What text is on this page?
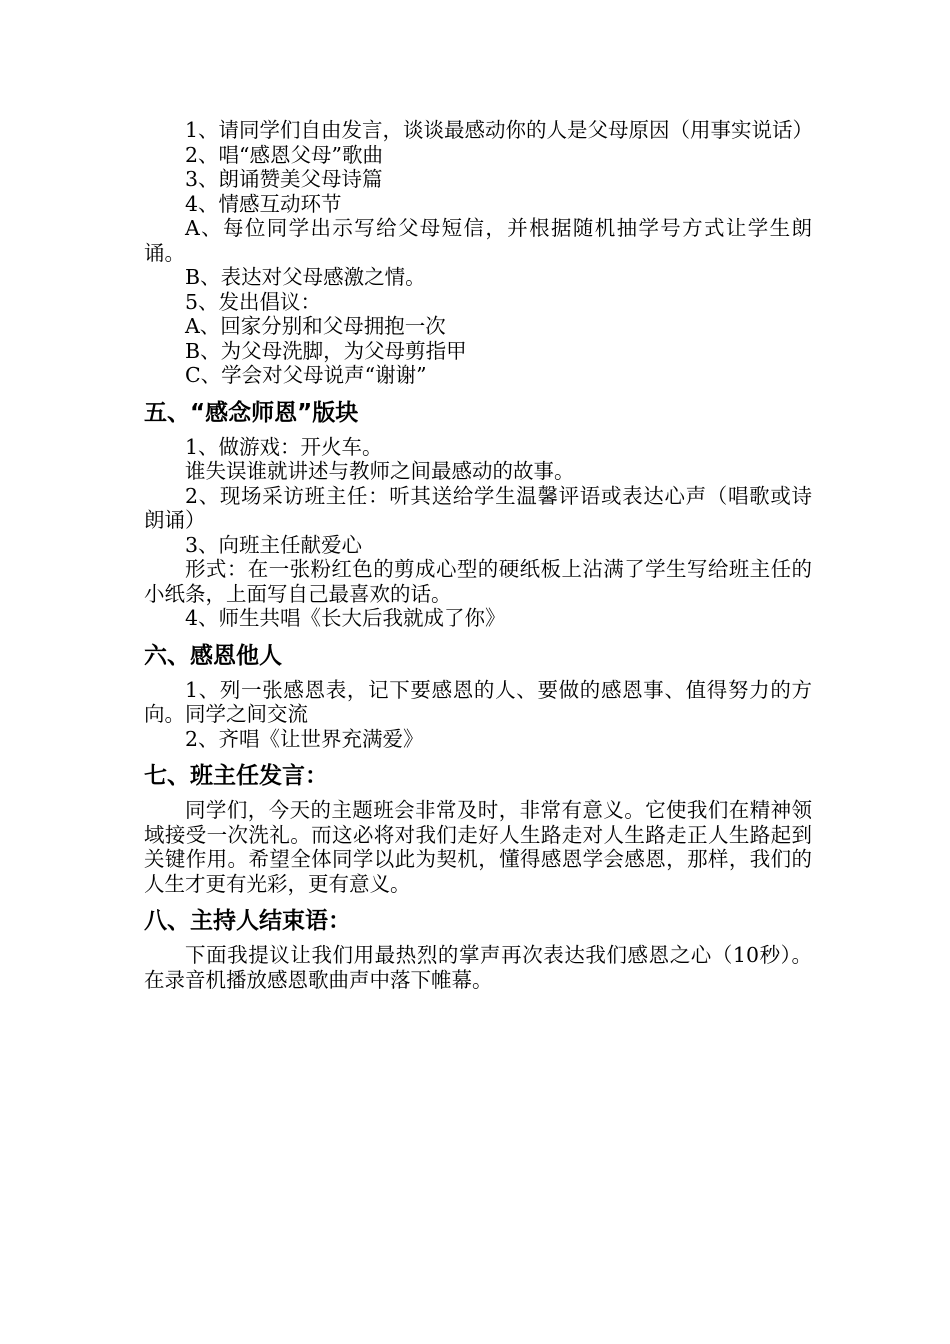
1、请同学们自由发言，谈谈最感动你的人是父母原因（用事实说话）

2、唱“感恩父母”歌曲

3、朗诵赞美父母诗篇

4、情感互动环节

A、每位同学出示写给父母短信，并根据随机抽学号方式让学生朗诵。

B、表达对父母感激之情。

5、发出倡议：

A、回家分别和父母拥抱一次

B、为父母洗脚，为父母剪指甲

C、学会对父母说声“谢谢”

五、“感念师恩”版块

1、做游戏：开火车。

谁失误谁就讲述与教师之间最感动的故事。

2、现场采访班主任：听其送给学生温馨评语或表达心声（唱歌或诗朗诵）

3、向班主任献爱心

形式：在一张粉红色的剪成心型的硬纸板上沾满了学生写给班主任的小纸条，上面写自己最喜欢的话。

4、师生共唱《长大后我就成了你》

六、感恩他人

1、列一张感恩表，记下要感恩的人、要做的感恩事、值得努力的方向。同学之间交流

2、齐唱《让世界充满爱》

七、班主任发言：

同学们，今天的主题班会非常及时，非常有意义。它使我们在精神领域接受一次洗礼。而这必将对我们走好人生路走对人生路走正人生路起到关键作用。希望全体同学以此为契机，懂得感恩学会感恩，那样，我们的人生才更有光彩，更有意义。

八、主持人结束语：

下面我提议让我们用最热烈的掌声再次表达我们感恩之心（10秒）。在录音机播放感恩歌曲声中落下帷幕。
